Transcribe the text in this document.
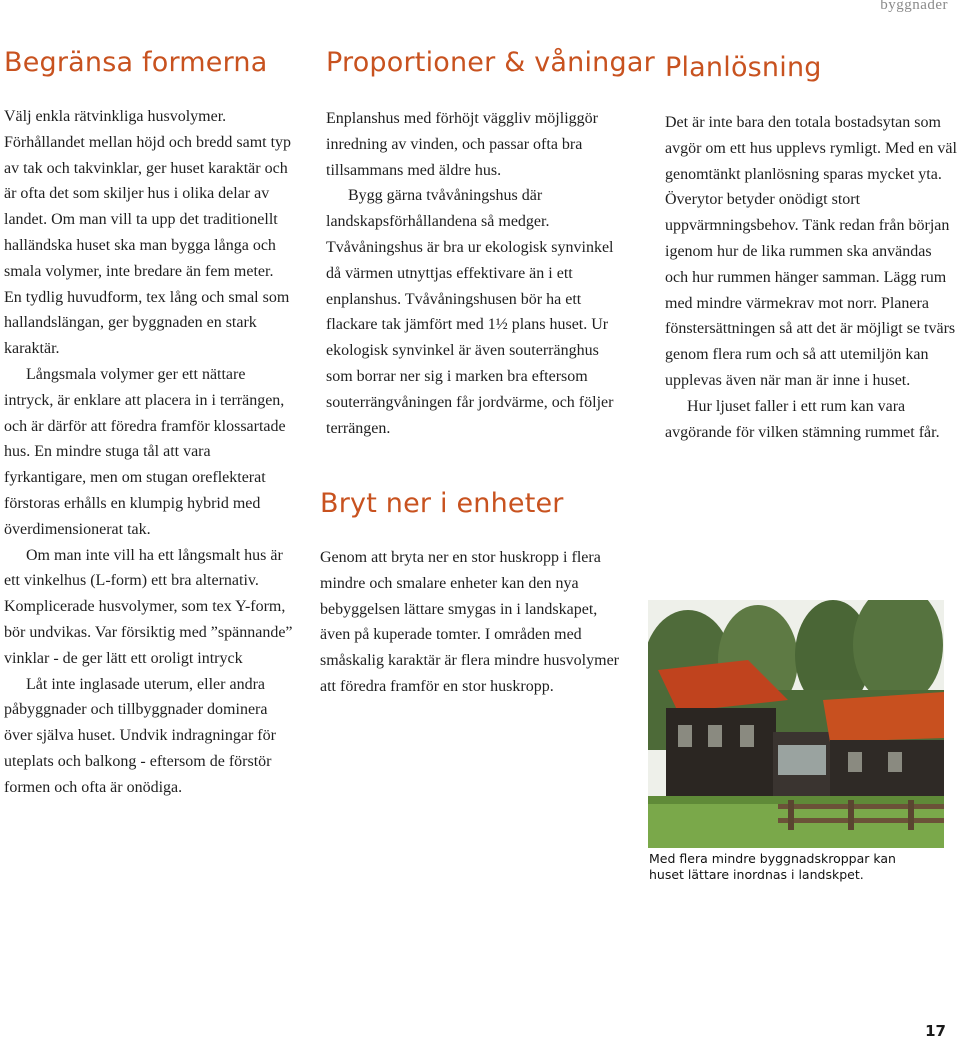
byggnader
Begränsa formerna

Välj enkla rätvinkliga husvolymer. Förhållandet mellan höjd och bredd samt typ av tak och takvinklar, ger huset karaktär och är ofta det som skiljer hus i olika delar av landet. Om man vill ta upp det traditionellt halländska huset ska man bygga långa och smala volymer, inte bredare än fem meter. En tydlig huvudform, tex lång och smal som hallandslängan, ger byggnaden en stark karaktär.

Långsmala volymer ger ett nättare intryck, är enklare att placera in i terrängen, och är därför att föredra framför klossartade hus. En mindre stuga tål att vara fyrkantigare, men om stugan oreflekterat förstoras erhålls en klumpig hybrid med överdimensionerat tak.

Om man inte vill ha ett långsmalt hus är ett vinkelhus (L-form) ett bra alternativ. Komplicerade husvolymer, som tex Y-form, bör undvikas. Var försiktig med ”spännande” vinklar - de ger lätt ett oroligt intryck

Låt inte inglasade uterum, eller andra påbyggnader och tillbyggnader dominera över själva huset. Undvik indragningar för uteplats och balkong - eftersom de förstör formen och ofta är onödiga.

Proportioner & våningar

Enplanshus med förhöjt väggliv möjliggör inredning av vinden, och passar ofta bra tillsammans med äldre hus.

Bygg gärna tvåvåningshus där landskapsförhållandena så medger. Tvåvåningshus är bra ur ekologisk synvinkel då värmen utnyttjas effektivare än i ett enplanshus. Tvåvåningshusen bör ha ett flackare tak jämfört med 1½ plans huset. Ur ekologisk synvinkel är även souterränghus som borrar ner sig i marken bra eftersom souterrängvåningen får jordvärme, och följer terrängen.

Bryt ner i enheter

Genom att bryta ner en stor huskropp i flera mindre och smalare enheter kan den nya bebyggelsen lättare smygas in i landskapet, även på kuperade tomter. I områden med småskalig karaktär är flera mindre husvolymer att föredra framför en stor huskropp.

Planlösning

Det är inte bara den totala bostadsytan som avgör om ett hus upplevs rymligt. Med en väl genomtänkt planlösning sparas mycket yta. Överytor betyder onödigt stort uppvärmningsbehov. Tänk redan från början igenom hur de lika rummen ska användas och hur rummen hänger samman. Lägg rum med mindre värmekrav mot norr. Planera fönstersättningen så att det är möjligt se tvärs genom flera rum och så att utemiljön kan upplevas även när man är inne i huset.

Hur ljuset faller i ett rum kan vara avgörande för vilken stämning rummet får.

Med flera mindre byggnadskroppar kan huset lättare inordnas i landskpet.
17
